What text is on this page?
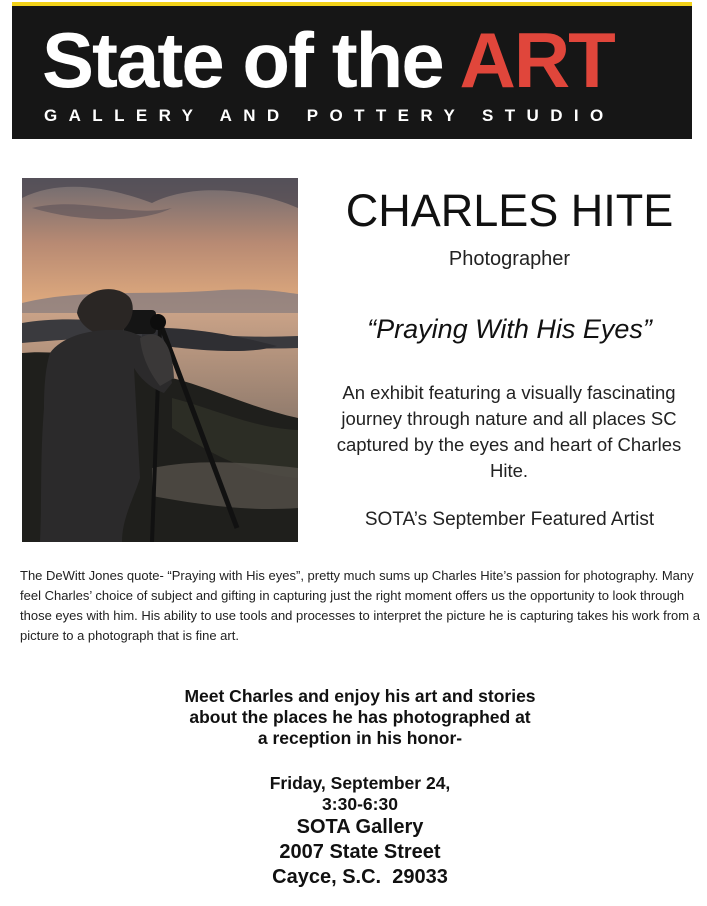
State of the ART
GALLERY AND POTTERY STUDIO
CHARLES HITE
Photographer
“Praying With His Eyes”
An exhibit featuring a visually fascinating journey through nature and all places SC captured by the eyes and heart of Charles Hite.
SOTA’s September Featured Artist
The DeWitt Jones quote- “Praying with His eyes”, pretty much sums up Charles Hite’s passion for photography. Many feel Charles’ choice of subject and gifting in capturing just the right moment offers us the opportunity to look through those eyes with him. His ability to use tools and processes to interpret the picture he is capturing takes his work from a picture to a photograph that is fine art.

Meet Charles and enjoy his art and stories

about the places he has photographed at

a reception in his honor-

Friday, September 24,

3:30-6:30

SOTA Gallery

2007 State Street

Cayce, S.C.  29033
